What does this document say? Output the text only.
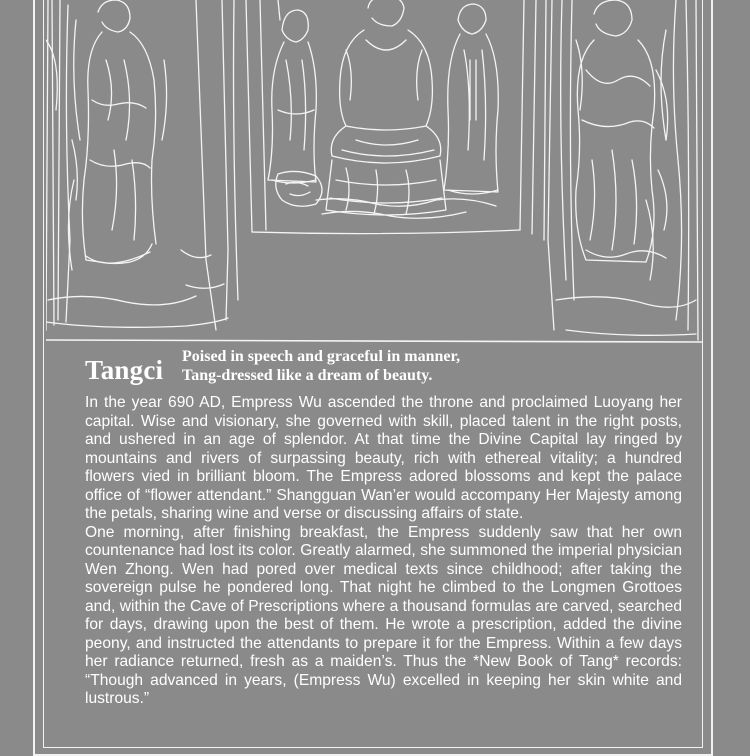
Tangci Poised in speech and graceful in manner,
Tang-dressed like a dream of beauty.

In the year 690 AD, Empress Wu ascended the throne and proclaimed Luoyang her capital. Wise and visionary, she governed with skill, placed talent in the right posts, and ushered in an age of splendor. At that time the Divine Capital lay ringed by mountains and rivers of surpassing beauty, rich with ethereal vitality; a hundred flowers vied in brilliant bloom. The Empress adored blossoms and kept the palace office of “flower attendant.” Shangguan Wan’er would accompany Her Majesty among the petals, sharing wine and verse or discussing affairs of state.

One morning, after finishing breakfast, the Empress suddenly saw that her own countenance had lost its color. Greatly alarmed, she summoned the imperial physician Wen Zhong. Wen had pored over medical texts since childhood; after taking the sovereign pulse he pondered long. That night he climbed to the Longmen Grottoes and, within the Cave of Prescriptions where a thousand formulas are carved, searched for days, drawing upon the best of them. He wrote a prescription, added the divine peony, and instructed the attendants to prepare it for the Empress. Within a few days her radiance returned, fresh as a maiden’s. Thus the *New Book of Tang* records: “Though advanced in years, (Empress Wu) excelled in keeping her skin white and lustrous.”
